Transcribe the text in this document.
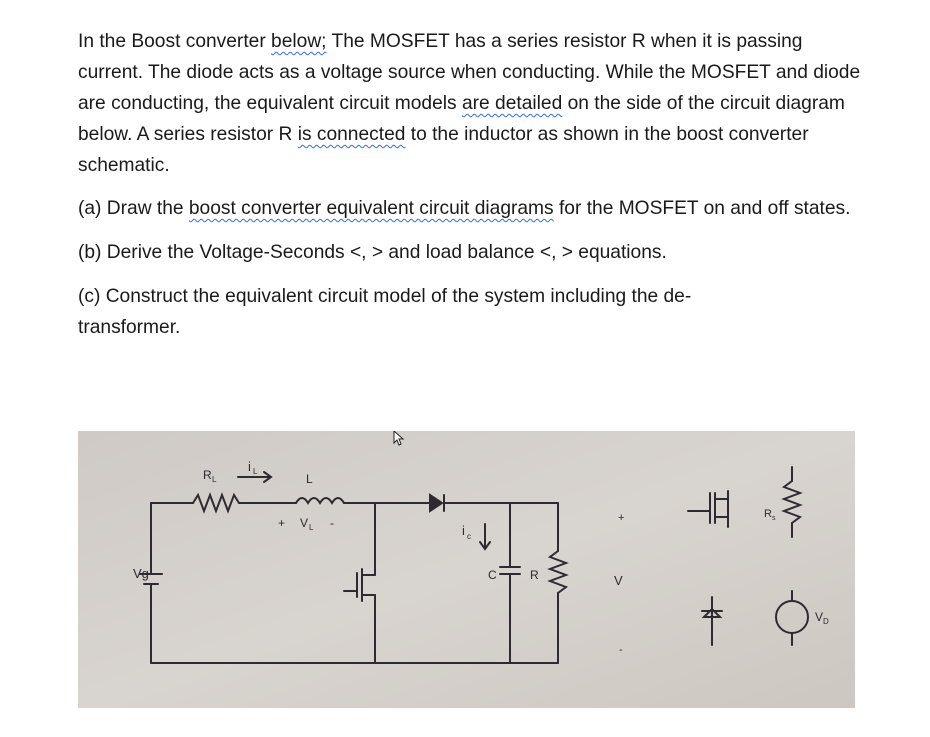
In the Boost converter below; The MOSFET has a series resistor R when it is passing current. The diode acts as a voltage source when conducting. While the MOSFET and diode are conducting, the equivalent circuit models are detailed on the side of the circuit diagram below. A series resistor R is connected to the inductor as shown in the boost converter schematic.

(a) Draw the boost converter equivalent circuit diagrams for the MOSFET on and off states.

(b) Derive the Voltage-Seconds <, > and load balance <, > equations.

(c) Construct the equivalent circuit model of the system including the de-transformer.

Vg
R L
i L
L
+ V L -	i c
C	R
+
V
-
R s
V D
